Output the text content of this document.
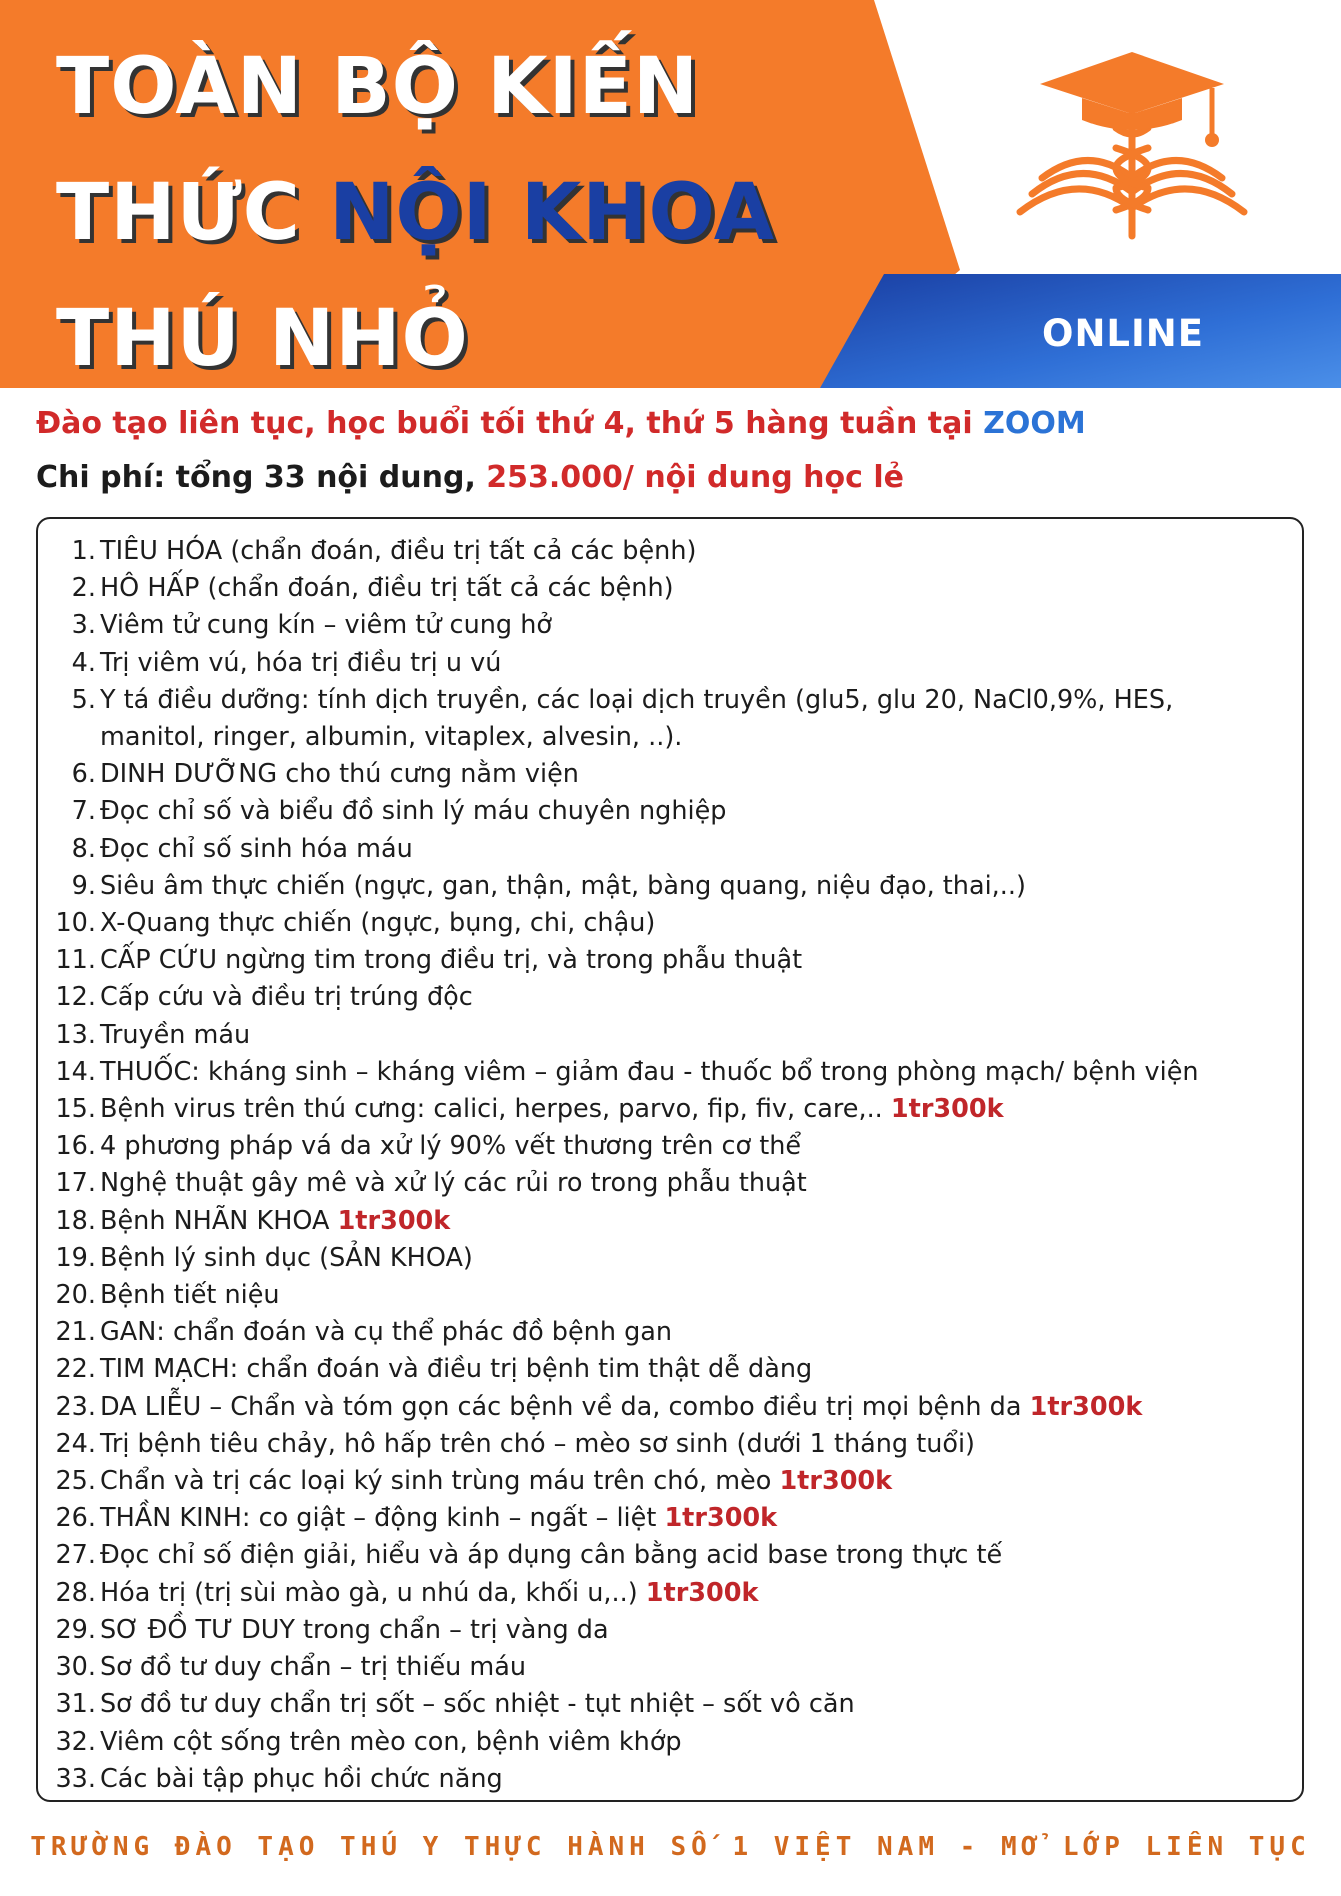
TOÀN BỘ KIẾN
THỨC NỘI KHOA
THÚ NHỎ	ONLINE
Đào tạo liên tục, học buổi tối thứ 4, thứ 5 hàng tuần tại ZOOM
Chi phí: tổng 33 nội dung, 253.000/ nội dung học lẻ
1. TIÊU HÓA (chẩn đoán, điều trị tất cả các bệnh)
2. HÔ HẤP (chẩn đoán, điều trị tất cả các bệnh)
3. Viêm tử cung kín – viêm tử cung hở
4. Trị viêm vú, hóa trị điều trị u vú
5. Y tá điều dưỡng: tính dịch truyền, các loại dịch truyền (glu5, glu 20, NaCl0,9%, HES, manitol, ringer, albumin, vitaplex, alvesin, ..).
6. DINH DƯỠNG cho thú cưng nằm viện
7. Đọc chỉ số và biểu đồ sinh lý máu chuyên nghiệp
8. Đọc chỉ số sinh hóa máu
9. Siêu âm thực chiến (ngực, gan, thận, mật, bàng quang, niệu đạo, thai,..)
10. X-Quang thực chiến (ngực, bụng, chi, chậu)
11. CẤP CỨU ngừng tim trong điều trị, và trong phẫu thuật
12. Cấp cứu và điều trị trúng độc
13. Truyền máu
14. THUỐC: kháng sinh – kháng viêm – giảm đau - thuốc bổ trong phòng mạch/ bệnh viện
15. Bệnh virus trên thú cưng: calici, herpes, parvo, fip, fiv, care,.. 1tr300k
16. 4 phương pháp vá da xử lý 90% vết thương trên cơ thể
17. Nghệ thuật gây mê và xử lý các rủi ro trong phẫu thuật
18. Bệnh NHÃN KHOA 1tr300k
19. Bệnh lý sinh dục (SẢN KHOA)
20. Bệnh tiết niệu
21. GAN: chẩn đoán và cụ thể phác đồ bệnh gan
22. TIM MẠCH: chẩn đoán và điều trị bệnh tim thật dễ dàng
23. DA LIỄU – Chẩn và tóm gọn các bệnh về da, combo điều trị mọi bệnh da 1tr300k
24. Trị bệnh tiêu chảy, hô hấp trên chó – mèo sơ sinh (dưới 1 tháng tuổi)
25. Chẩn và trị các loại ký sinh trùng máu trên chó, mèo 1tr300k
26. THẦN KINH: co giật – động kinh – ngất – liệt 1tr300k
27. Đọc chỉ số điện giải, hiểu và áp dụng cân bằng acid base trong thực tế
28. Hóa trị (trị sùi mào gà, u nhú da, khối u,..) 1tr300k
29. SƠ ĐỒ TƯ DUY trong chẩn – trị vàng da
30. Sơ đồ tư duy chẩn – trị thiếu máu
31. Sơ đồ tư duy chẩn trị sốt – sốc nhiệt - tụt nhiệt – sốt vô căn
32. Viêm cột sống trên mèo con, bệnh viêm khớp
33. Các bài tập phục hồi chức năng
TRƯỜNG ĐÀO TẠO THÚ Y THỰC HÀNH SỐ 1 VIỆT NAM - MỞ LỚP LIÊN TỤC
